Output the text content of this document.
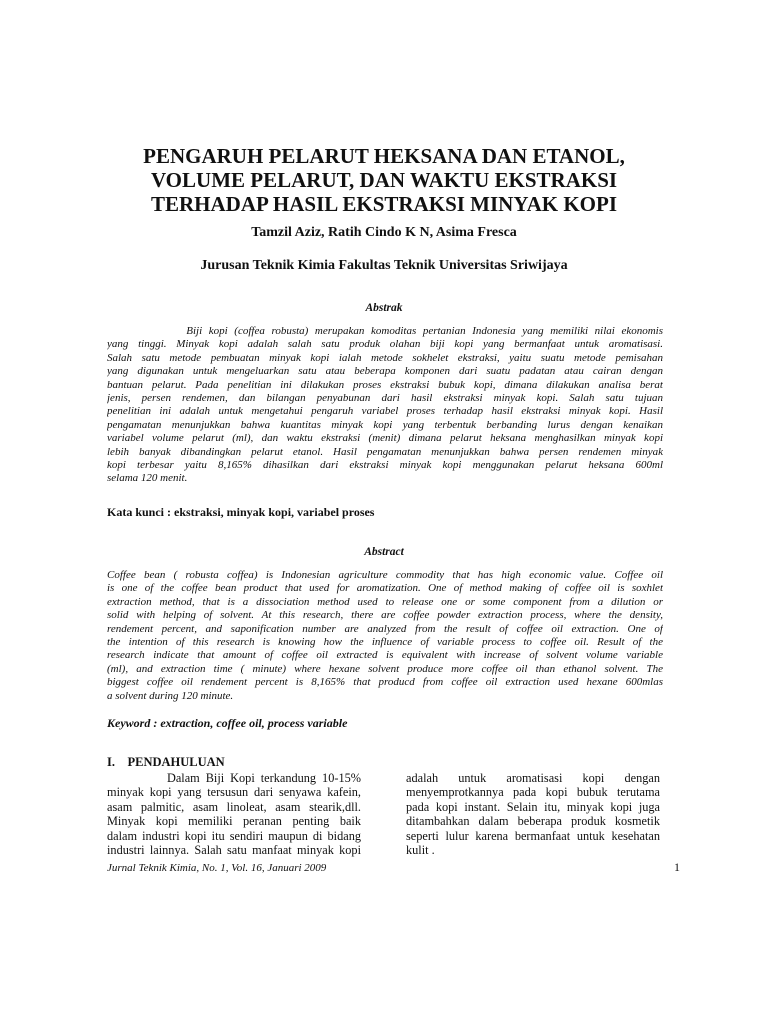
PENGARUH PELARUT HEKSANA DAN ETANOL,
VOLUME PELARUT, DAN WAKTU EKSTRAKSI
TERHADAP HASIL EKSTRAKSI MINYAK KOPI
Tamzil Aziz, Ratih Cindo K N, Asima Fresca
Jurusan Teknik Kimia Fakultas Teknik Universitas Sriwijaya
Abstrak
Biji kopi (coffea robusta) merupakan komoditas pertanian Indonesia yang memiliki nilai ekonomis
yang tinggi. Minyak kopi adalah salah satu produk olahan biji kopi yang bermanfaat untuk aromatisasi.
Salah satu metode pembuatan minyak kopi ialah metode sokhelet ekstraksi, yaitu suatu metode pemisahan
yang digunakan untuk mengeluarkan satu atau beberapa komponen dari suatu padatan atau cairan dengan
bantuan pelarut. Pada penelitian ini dilakukan proses ekstraksi bubuk kopi, dimana dilakukan analisa berat
jenis, persen rendemen, dan bilangan penyabunan dari hasil ekstraksi minyak kopi. Salah satu tujuan
penelitian ini adalah untuk mengetahui pengaruh variabel proses terhadap hasil ekstraksi minyak kopi. Hasil
pengamatan menunjukkan bahwa kuantitas minyak kopi yang terbentuk berbanding lurus dengan kenaikan
variabel volume pelarut (ml), dan waktu ekstraksi (menit) dimana pelarut heksana menghasilkan minyak kopi
lebih banyak dibandingkan pelarut etanol. Hasil pengamatan menunjukkan bahwa persen rendemen minyak
kopi terbesar yaitu 8,165% dihasilkan dari ekstraksi minyak kopi menggunakan pelarut heksana 600ml
selama 120 menit.
Kata kunci : ekstraksi, minyak kopi, variabel proses
Abstract
Coffee bean ( robusta coffea) is Indonesian agriculture commodity that has high economic value. Coffee oil
is one of the coffee bean product that used for aromatization. One of method making of coffee oil is soxhlet
extraction method, that is a dissociation method used to release one or some component from a dilution or
solid with helping of solvent. At this research, there are coffee powder extraction process, where the density,
rendement percent, and saponification number are analyzed from the result of coffee oil extraction. One of
the intention of this research is knowing how the influence of variable process to coffee oil. Result of the
research indicate that amount of coffee oil extracted is equivalent with increase of solvent volume variable
(ml), and extraction time ( minute) where hexane solvent produce more coffee oil than ethanol solvent. The
biggest coffee oil rendement percent is 8,165% that producd from coffee oil extraction used hexane 600mlas
a solvent during 120 minute.
Keyword : extraction, coffee oil, process variable
I.    PENDAHULUAN
Dalam Biji Kopi terkandung 10-15%
minyak kopi yang tersusun dari senyawa kafein,
asam palmitic, asam linoleat, asam stearik,dll.
Minyak kopi memiliki peranan penting baik
dalam industri kopi itu sendiri maupun di bidang
industri lainnya. Salah satu manfaat minyak kopi
adalah untuk aromatisasi kopi dengan
menyemprotkannya pada kopi bubuk terutama
pada kopi instant. Selain itu, minyak kopi juga
ditambahkan dalam beberapa produk kosmetik
seperti lulur karena bermanfaat untuk kesehatan
kulit .
Jurnal Teknik Kimia, No. 1, Vol. 16, Januari 2009	1
